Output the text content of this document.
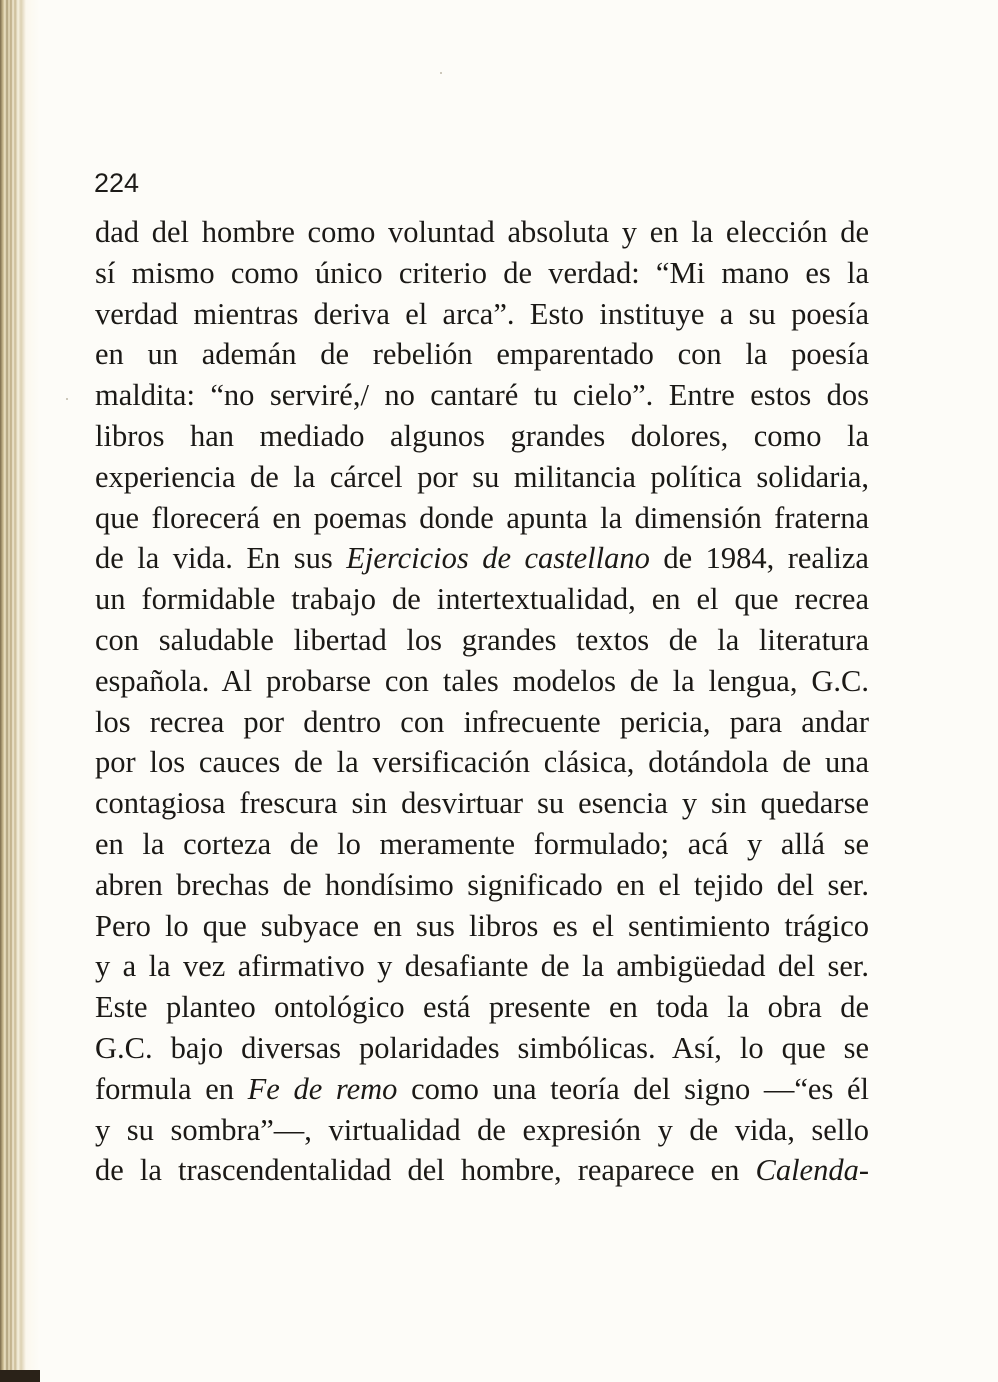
224
dad del hombre como voluntad absoluta y en la elección de
sí mismo como único criterio de verdad: “Mi mano es la
verdad mientras deriva el arca”. Esto instituye a su poesía
en un ademán de rebelión emparentado con la poesía
maldita: “no serviré,/ no cantaré tu cielo”. Entre estos dos
libros han mediado algunos grandes dolores, como la
experiencia de la cárcel por su militancia política solidaria,
que florecerá en poemas donde apunta la dimensión fraterna
de la vida. En sus Ejercicios de castellano de 1984, realiza
un formidable trabajo de intertextualidad, en el que recrea
con saludable libertad los grandes textos de la literatura
española. Al probarse con tales modelos de la lengua, G.C.
los recrea por dentro con infrecuente pericia, para andar
por los cauces de la versificación clásica, dotándola de una
contagiosa frescura sin desvirtuar su esencia y sin quedarse
en la corteza de lo meramente formulado; acá y allá se
abren brechas de hondísimo significado en el tejido del ser.
Pero lo que subyace en sus libros es el sentimiento trágico
y a la vez afirmativo y desafiante de la ambigüedad del ser.
Este planteo ontológico está presente en toda la obra de
G.C. bajo diversas polaridades simbólicas. Así, lo que se
formula en Fe de remo como una teoría del signo —“es él
y su sombra”—, virtualidad de expresión y de vida, sello
de la trascendentalidad del hombre, reaparece en Calenda-
